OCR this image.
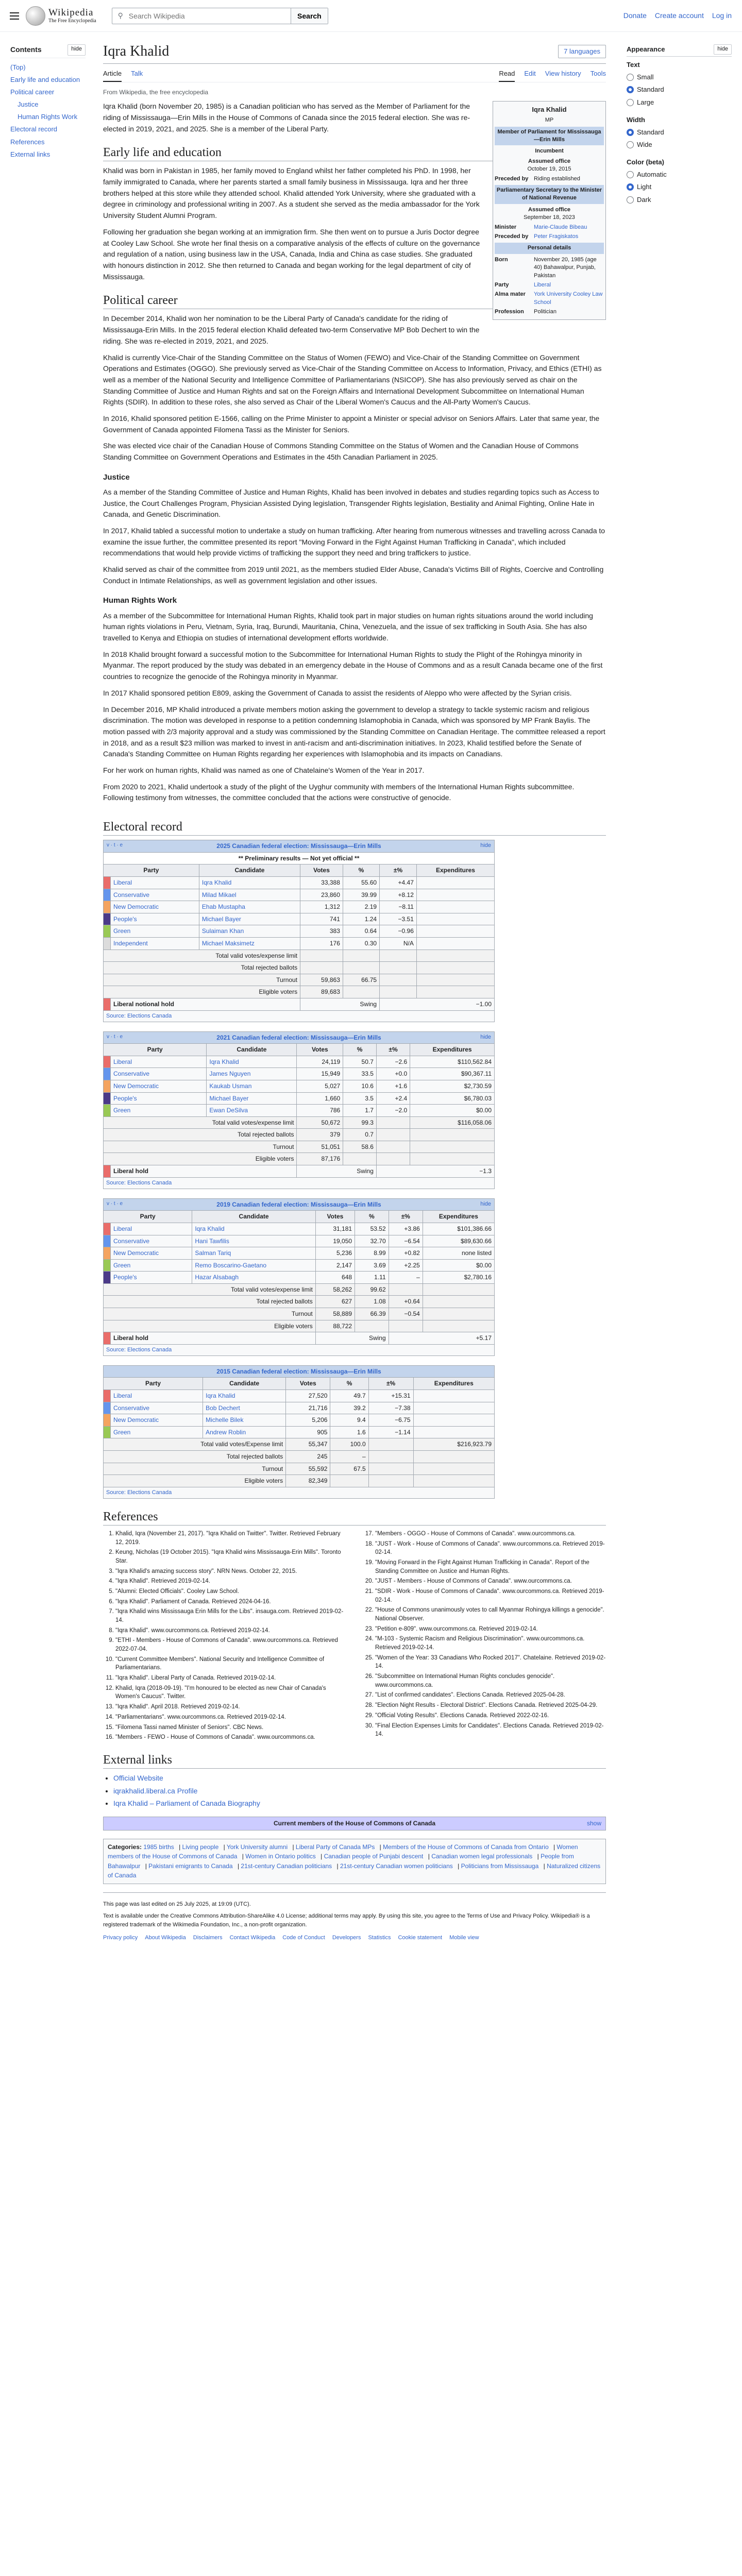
Wikipedia
The Free Encyclopedia
⚲
Search Wikipedia	Search	Donate Create account Log in
Contents	hide
(Top)
Early life and education
Political career
Justice
Human Rights Work
Electoral record
References
External links
Iqra Khalid	7 languages
Article Talk	Read Edit View history Tools
From Wikipedia, the free encyclopedia
Iqra Khalid
MP
Member of Parliament for Mississauga—Erin Mills
Incumbent
Assumed office
October 19, 2015
Preceded by Riding established
Parliamentary Secretary to the Minister of National Revenue
Assumed office
September 18, 2023
Minister	Marie-Claude Bibeau
Preceded by Peter Fragiskatos
Personal details
Born	November 20, 1985 (age 40) Bahawalpur, Punjab, Pakistan
Party	Liberal
Alma mater	York University Cooley Law School
Profession	Politician

Iqra Khalid (born November 20, 1985) is a Canadian politician who has served as the Member of Parliament for the riding of Mississauga—Erin Mills in the House of Commons of Canada since the 2015 federal election. She was re-elected in 2019, 2021, and 2025. She is a member of the Liberal Party.

Early life and education

Khalid was born in Pakistan in 1985, her family moved to England whilst her father completed his PhD. In 1998, her family immigrated to Canada, where her parents started a small family business in Mississauga. Iqra and her three brothers helped at this store while they attended school. Khalid attended York University, where she graduated with a degree in criminology and professional writing in 2007. As a student she served as the media ambassador for the York University Student Alumni Program.

Following her graduation she began working at an immigration firm. She then went on to pursue a Juris Doctor degree at Cooley Law School. She wrote her final thesis on a comparative analysis of the effects of culture on the governance and regulation of a nation, using business law in the USA, Canada, India and China as case studies. She graduated with honours distinction in 2012. She then returned to Canada and began working for the legal department of city of Mississauga.

Political career

In December 2014, Khalid won her nomination to be the Liberal Party of Canada's candidate for the riding of Mississauga-Erin Mills. In the 2015 federal election Khalid defeated two-term Conservative MP Bob Dechert to win the riding. She was re-elected in 2019, 2021, and 2025.

Khalid is currently Vice-Chair of the Standing Committee on the Status of Women (FEWO) and Vice-Chair of the Standing Committee on Government Operations and Estimates (OGGO). She previously served as Vice-Chair of the Standing Committee on Access to Information, Privacy, and Ethics (ETHI) as well as a member of the National Security and Intelligence Committee of Parliamentarians (NSICOP). She has also previously served as chair on the Standing Committee of Justice and Human Rights and sat on the Foreign Affairs and International Development Subcommittee on International Human Rights (SDIR). In addition to these roles, she also served as Chair of the Liberal Women's Caucus and the All-Party Women's Caucus.

In 2016, Khalid sponsored petition E-1566, calling on the Prime Minister to appoint a Minister or special advisor on Seniors Affairs. Later that same year, the Government of Canada appointed Filomena Tassi as the Minister for Seniors.

She was elected vice chair of the Canadian House of Commons Standing Committee on the Status of Women and the Canadian House of Commons Standing Committee on Government Operations and Estimates in the 45th Canadian Parliament in 2025.

Justice

As a member of the Standing Committee of Justice and Human Rights, Khalid has been involved in debates and studies regarding topics such as Access to Justice, the Court Challenges Program, Physician Assisted Dying legislation, Transgender Rights legislation, Bestiality and Animal Fighting, Online Hate in Canada, and Genetic Discrimination.

In 2017, Khalid tabled a successful motion to undertake a study on human trafficking. After hearing from numerous witnesses and travelling across Canada to examine the issue further, the committee presented its report "Moving Forward in the Fight Against Human Trafficking in Canada", which included recommendations that would help provide victims of trafficking the support they need and bring traffickers to justice.

Khalid served as chair of the committee from 2019 until 2021, as the members studied Elder Abuse, Canada's Victims Bill of Rights, Coercive and Controlling Conduct in Intimate Relationships, as well as government legislation and other issues.

Human Rights Work

As a member of the Subcommittee for International Human Rights, Khalid took part in major studies on human rights situations around the world including human rights violations in Peru, Vietnam, Syria, Iraq, Burundi, Mauritania, China, Venezuela, and the issue of sex trafficking in South Asia. She has also travelled to Kenya and Ethiopia on studies of international development efforts worldwide.

In 2018 Khalid brought forward a successful motion to the Subcommittee for International Human Rights to study the Plight of the Rohingya minority in Myanmar. The report produced by the study was debated in an emergency debate in the House of Commons and as a result Canada became one of the first countries to recognize the genocide of the Rohingya minority in Myanmar.

In 2017 Khalid sponsored petition E809, asking the Government of Canada to assist the residents of Aleppo who were affected by the Syrian crisis.

In December 2016, MP Khalid introduced a private members motion asking the government to develop a strategy to tackle systemic racism and religious discrimination. The motion was developed in response to a petition condemning Islamophobia in Canada, which was sponsored by MP Frank Baylis. The motion passed with 2/3 majority approval and a study was commissioned by the Standing Committee on Canadian Heritage. The committee released a report in 2018, and as a result $23 million was marked to invest in anti-racism and anti-discrimination initiatives. In 2023, Khalid testified before the Senate of Canada's Standing Committee on Human Rights regarding her experiences with Islamophobia and its impacts on Canadians.

For her work on human rights, Khalid was named as one of Chatelaine's Women of the Year in 2017.

From 2020 to 2021, Khalid undertook a study of the plight of the Uyghur community with members of the International Human Rights subcommittee. Following testimony from witnesses, the committee concluded that the actions were constructive of genocide.

Electoral record
v · t · e 2025 Canadian federal election: Mississauga—Erin Mills hide						

** Preliminary results — Not yet official **						
Party		Candidate	Votes	%	±%	Expenditures
	Liberal	Iqra Khalid	33,388	55.60	+4.47	
	Conservative	Milad Mikael	23,860	39.99	+8.12	
	New Democratic	Ehab Mustapha	1,312	2.19	−8.11	
	People's	Michael Bayer	741	1.24	−3.51	
	Green	Sulaiman Khan	383	0.64	−0.96	
	Independent	Michael Maksimetz	176	0.30	N/A	
Total valid votes/expense limit						
Total rejected ballots						
Turnout			59,863	66.75		
Eligible voters			89,683			
	Liberal notional hold		Swing		−1.00	
Source: Elections Canada						
v · t · e 2021 Canadian federal election: Mississauga—Erin Mills hide						

Party		Candidate	Votes	%	±%	Expenditures
	Liberal	Iqra Khalid	24,119	50.7	−2.6	$110,562.84
	Conservative	James Nguyen	15,949	33.5	+0.0	$90,367.11
	New Democratic	Kaukab Usman	5,027	10.6	+1.6	$2,730.59
	People's	Michael Bayer	1,660	3.5	+2.4	$6,780.03
	Green	Ewan DeSilva	786	1.7	−2.0	$0.00
Total valid votes/expense limit			50,672	99.3		$116,058.06
Total rejected ballots			379	0.7		
Turnout			51,051	58.6		
Eligible voters			87,176			
	Liberal hold		Swing		−1.3	
Source: Elections Canada						
v · t · e 2019 Canadian federal election: Mississauga—Erin Mills hide						

Party		Candidate	Votes	%	±%	Expenditures
	Liberal	Iqra Khalid	31,181	53.52	+3.86	$101,386.66
	Conservative	Hani Tawfilis	19,050	32.70	−6.54	$89,630.66
	New Democratic	Salman Tariq	5,236	8.99	+0.82	none listed
	Green	Remo Boscarino-Gaetano	2,147	3.69	+2.25	$0.00
	People's	Hazar Alsabagh	648	1.11	–	$2,780.16
Total valid votes/expense limit			58,262	99.62		
Total rejected ballots			627	1.08	+0.64	
Turnout			58,889	66.39	−0.54	
Eligible voters			88,722			
	Liberal hold		Swing		+5.17	
Source: Elections Canada						
2015 Canadian federal election: Mississauga—Erin Mills						
Party		Candidate	Votes	%	±%	Expenditures
	Liberal	Iqra Khalid	27,520	49.7	+15.31	
	Conservative	Bob Dechert	21,716	39.2	−7.38	
	New Democratic	Michelle Bilek	5,206	9.4	−6.75	
	Green	Andrew Roblin	905	1.6	−1.14	
Total valid votes/Expense limit			55,347	100.0		$216,923.79
Total rejected ballots			245	–		
Turnout			55,592	67.5		
Eligible voters			82,349			
Source: Elections Canada						
References
1. Khalid, Iqra (November 21, 2017). "Iqra Khalid on Twitter". Twitter. Retrieved February 12, 2019.
2. Keung, Nicholas (19 October 2015). "Iqra Khalid wins Mississauga-Erin Mills". Toronto Star.
3. "Iqra Khalid's amazing success story". NRN News. October 22, 2015.
4. "Iqra Khalid". Retrieved 2019-02-14.
5. "Alumni: Elected Officials". Cooley Law School.
6. "Iqra Khalid". Parliament of Canada. Retrieved 2024-04-16.
7. "Iqra Khalid wins Mississauga Erin Mills for the Libs". insauga.com. Retrieved 2019-02-14.
8. "Iqra Khalid". www.ourcommons.ca. Retrieved 2019-02-14.
9. "ETHI - Members - House of Commons of Canada". www.ourcommons.ca. Retrieved 2022-07-04.
10. "Current Committee Members". National Security and Intelligence Committee of Parliamentarians.
11. "Iqra Khalid". Liberal Party of Canada. Retrieved 2019-02-14.
12. Khalid, Iqra (2018-09-19). "I'm honoured to be elected as new Chair of Canada's Women's Caucus". Twitter.
13. "Iqra Khalid". April 2018. Retrieved 2019-02-14.
14. "Parliamentarians". www.ourcommons.ca. Retrieved 2019-02-14.
15. "Filomena Tassi named Minister of Seniors". CBC News.
16. "Members - FEWO - House of Commons of Canada". www.ourcommons.ca.
17. "Members - OGGO - House of Commons of Canada". www.ourcommons.ca.
18. "JUST - Work - House of Commons of Canada". www.ourcommons.ca. Retrieved 2019-02-14.
19. "Moving Forward in the Fight Against Human Trafficking in Canada". Report of the Standing Committee on Justice and Human Rights.
20. "JUST - Members - House of Commons of Canada". www.ourcommons.ca.
21. "SDIR - Work - House of Commons of Canada". www.ourcommons.ca. Retrieved 2019-02-14.
22. "House of Commons unanimously votes to call Myanmar Rohingya killings a genocide". National Observer.
23. "Petition e-809". www.ourcommons.ca. Retrieved 2019-02-14.
24. "M-103 - Systemic Racism and Religious Discrimination". www.ourcommons.ca. Retrieved 2019-02-14.
25. "Women of the Year: 33 Canadians Who Rocked 2017". Chatelaine. Retrieved 2019-02-14.
26. "Subcommittee on International Human Rights concludes genocide". www.ourcommons.ca.
27. "List of confirmed candidates". Elections Canada. Retrieved 2025-04-28.
28. "Election Night Results - Electoral District". Elections Canada. Retrieved 2025-04-29.
29. "Official Voting Results". Elections Canada. Retrieved 2022-02-16.
30. "Final Election Expenses Limits for Candidates". Elections Canada. Retrieved 2019-02-14.
External links
• Official Website
• iqrakhalid.liberal.ca Profile
• Iqra Khalid – Parliament of Canada Biography
Current members of the House of Commons of Canada	show
Categories: 1985 births | Living people | York University alumni | Liberal Party of Canada MPs | Members of the House of Commons of Canada from Ontario | Women members of the House of Commons of Canada | Women in Ontario politics | Canadian people of Punjabi descent | Canadian women legal professionals | People from Bahawalpur | Pakistani emigrants to Canada | 21st-century Canadian politicians | 21st-century Canadian women politicians | Politicians from Mississauga | Naturalized citizens of Canada
This page was last edited on 25 July 2025, at 19:09 (UTC).
Text is available under the Creative Commons Attribution-ShareAlike 4.0 License; additional terms may apply. By using this site, you agree to the Terms of Use and Privacy Policy. Wikipedia® is a registered trademark of the Wikimedia Foundation, Inc., a non-profit organization.
Privacy policy About Wikipedia Disclaimers Contact Wikipedia Code of Conduct Developers Statistics Cookie statement Mobile view
Appearance	hide
Text
Small
Standard
Large
Width
Standard
Wide
Color (beta)
Automatic
Light
Dark
